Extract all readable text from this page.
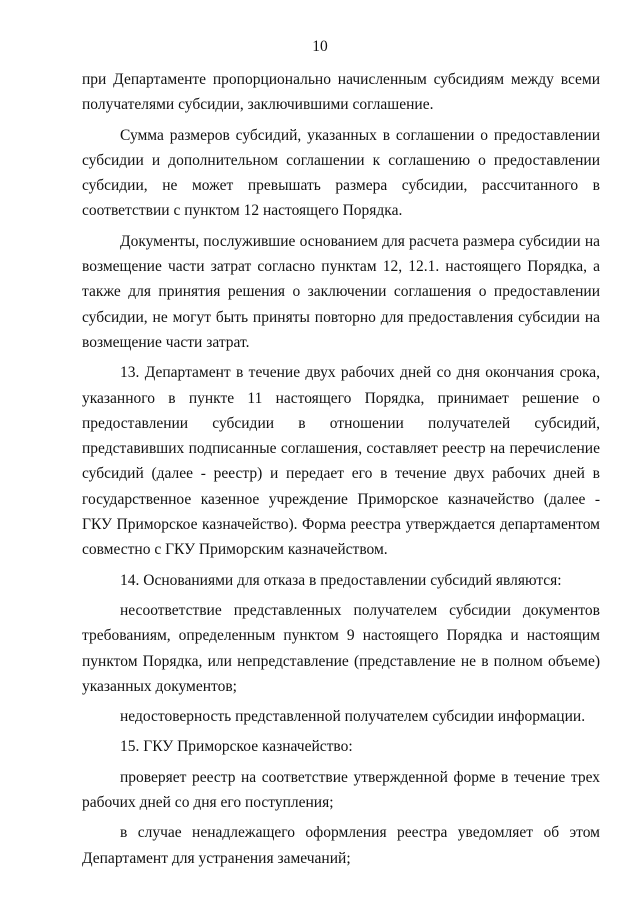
10

при Департаменте пропорционально начисленным субсидиям между всеми получателями субсидии, заключившими соглашение.

Сумма размеров субсидий, указанных в соглашении о предоставлении субсидии и дополнительном соглашении к соглашению о предоставлении субсидии, не может превышать размера субсидии, рассчитанного в соответствии с пунктом 12 настоящего Порядка.

Документы, послужившие основанием для расчета размера субсидии на возмещение части затрат согласно пунктам 12, 12.1. настоящего Порядка, а также для принятия решения о заключении соглашения о предоставлении субсидии, не могут быть приняты повторно для предоставления субсидии на возмещение части затрат.

13. Департамент в течение двух рабочих дней со дня окончания срока, указанного в пункте 11 настоящего Порядка, принимает решение о предоставлении субсидии в отношении получателей субсидий, представивших подписанные соглашения, составляет реестр на перечисление субсидий (далее - реестр) и передает его в течение двух рабочих дней в государственное казенное учреждение Приморское казначейство (далее - ГКУ Приморское казначейство). Форма реестра утверждается департаментом совместно с ГКУ Приморским казначейством.

14. Основаниями для отказа в предоставлении субсидий являются:

несоответствие представленных получателем субсидии документов требованиям, определенным пунктом 9 настоящего Порядка и настоящим пунктом Порядка, или непредставление (представление не в полном объеме) указанных документов;

недостоверность представленной получателем субсидии информации.

15. ГКУ Приморское казначейство:

проверяет реестр на соответствие утвержденной форме в течение трех рабочих дней со дня его поступления;

в случае ненадлежащего оформления реестра уведомляет об этом Департамент для устранения замечаний;
